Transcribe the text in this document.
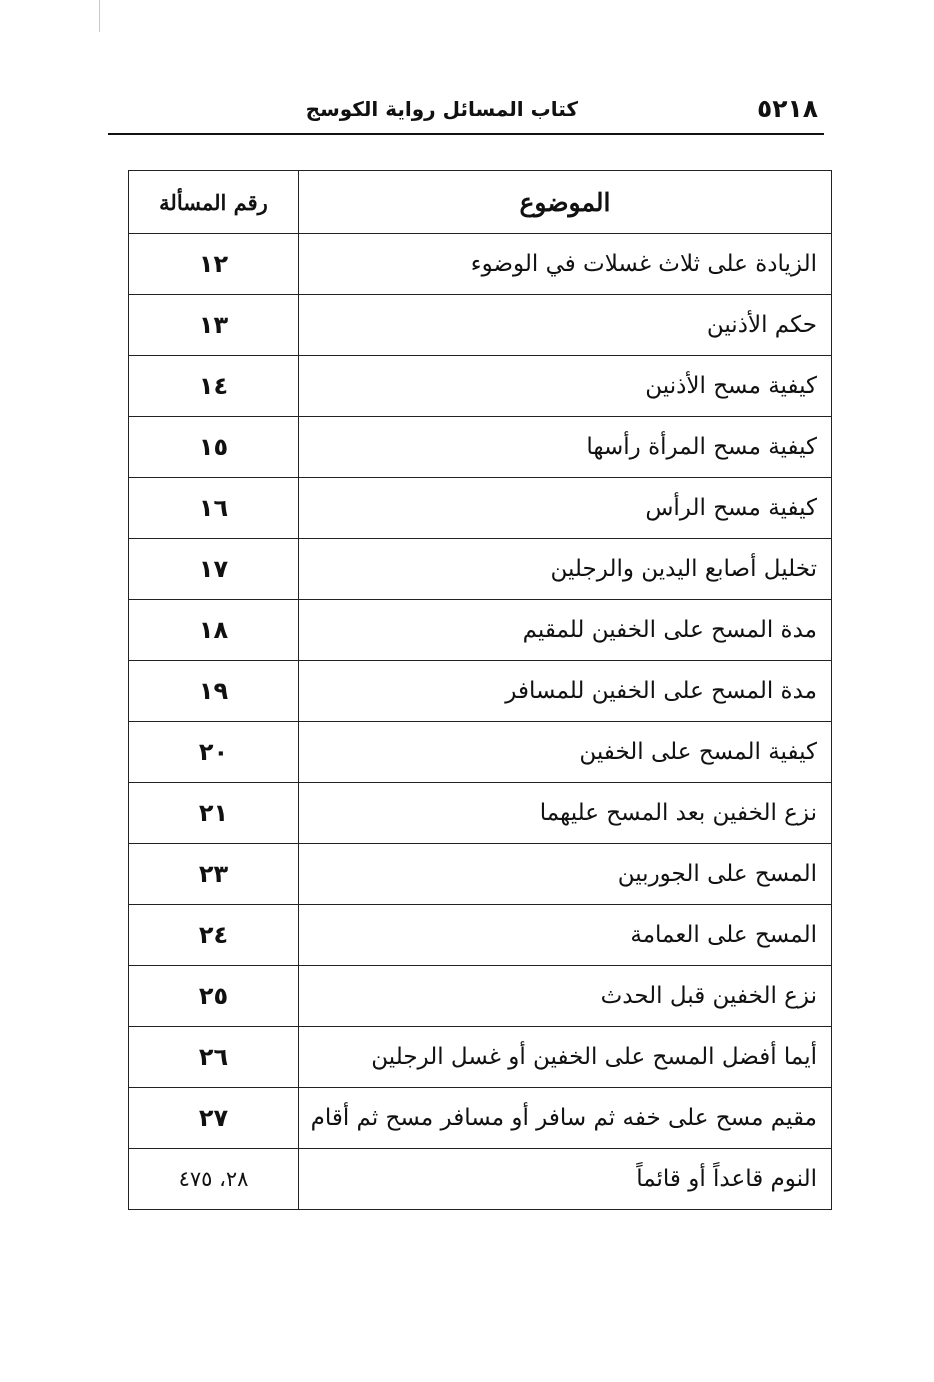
٥٢١٨
كتاب المسائل رواية الكوسج
الموضوع	رقم المسألة
الزيادة على ثلاث غسلات في الوضوء	١٢
حكم الأذنين	١٣
كيفية مسح الأذنين	١٤
كيفية مسح المرأة رأسها	١٥
كيفية مسح الرأس	١٦
تخليل أصابع اليدين والرجلين	١٧
مدة المسح على الخفين للمقيم	١٨
مدة المسح على الخفين للمسافر	١٩
كيفية المسح على الخفين	٢٠
نزع الخفين بعد المسح عليهما	٢١
المسح على الجوربين	٢٣
المسح على العمامة	٢٤
نزع الخفين قبل الحدث	٢٥
أيما أفضل المسح على الخفين أو غسل الرجلين	٢٦
مقيم مسح على خفه ثم سافر أو مسافر مسح ثم أقام	٢٧
النوم قاعداً أو قائماً	٢٨، ٤٧٥
